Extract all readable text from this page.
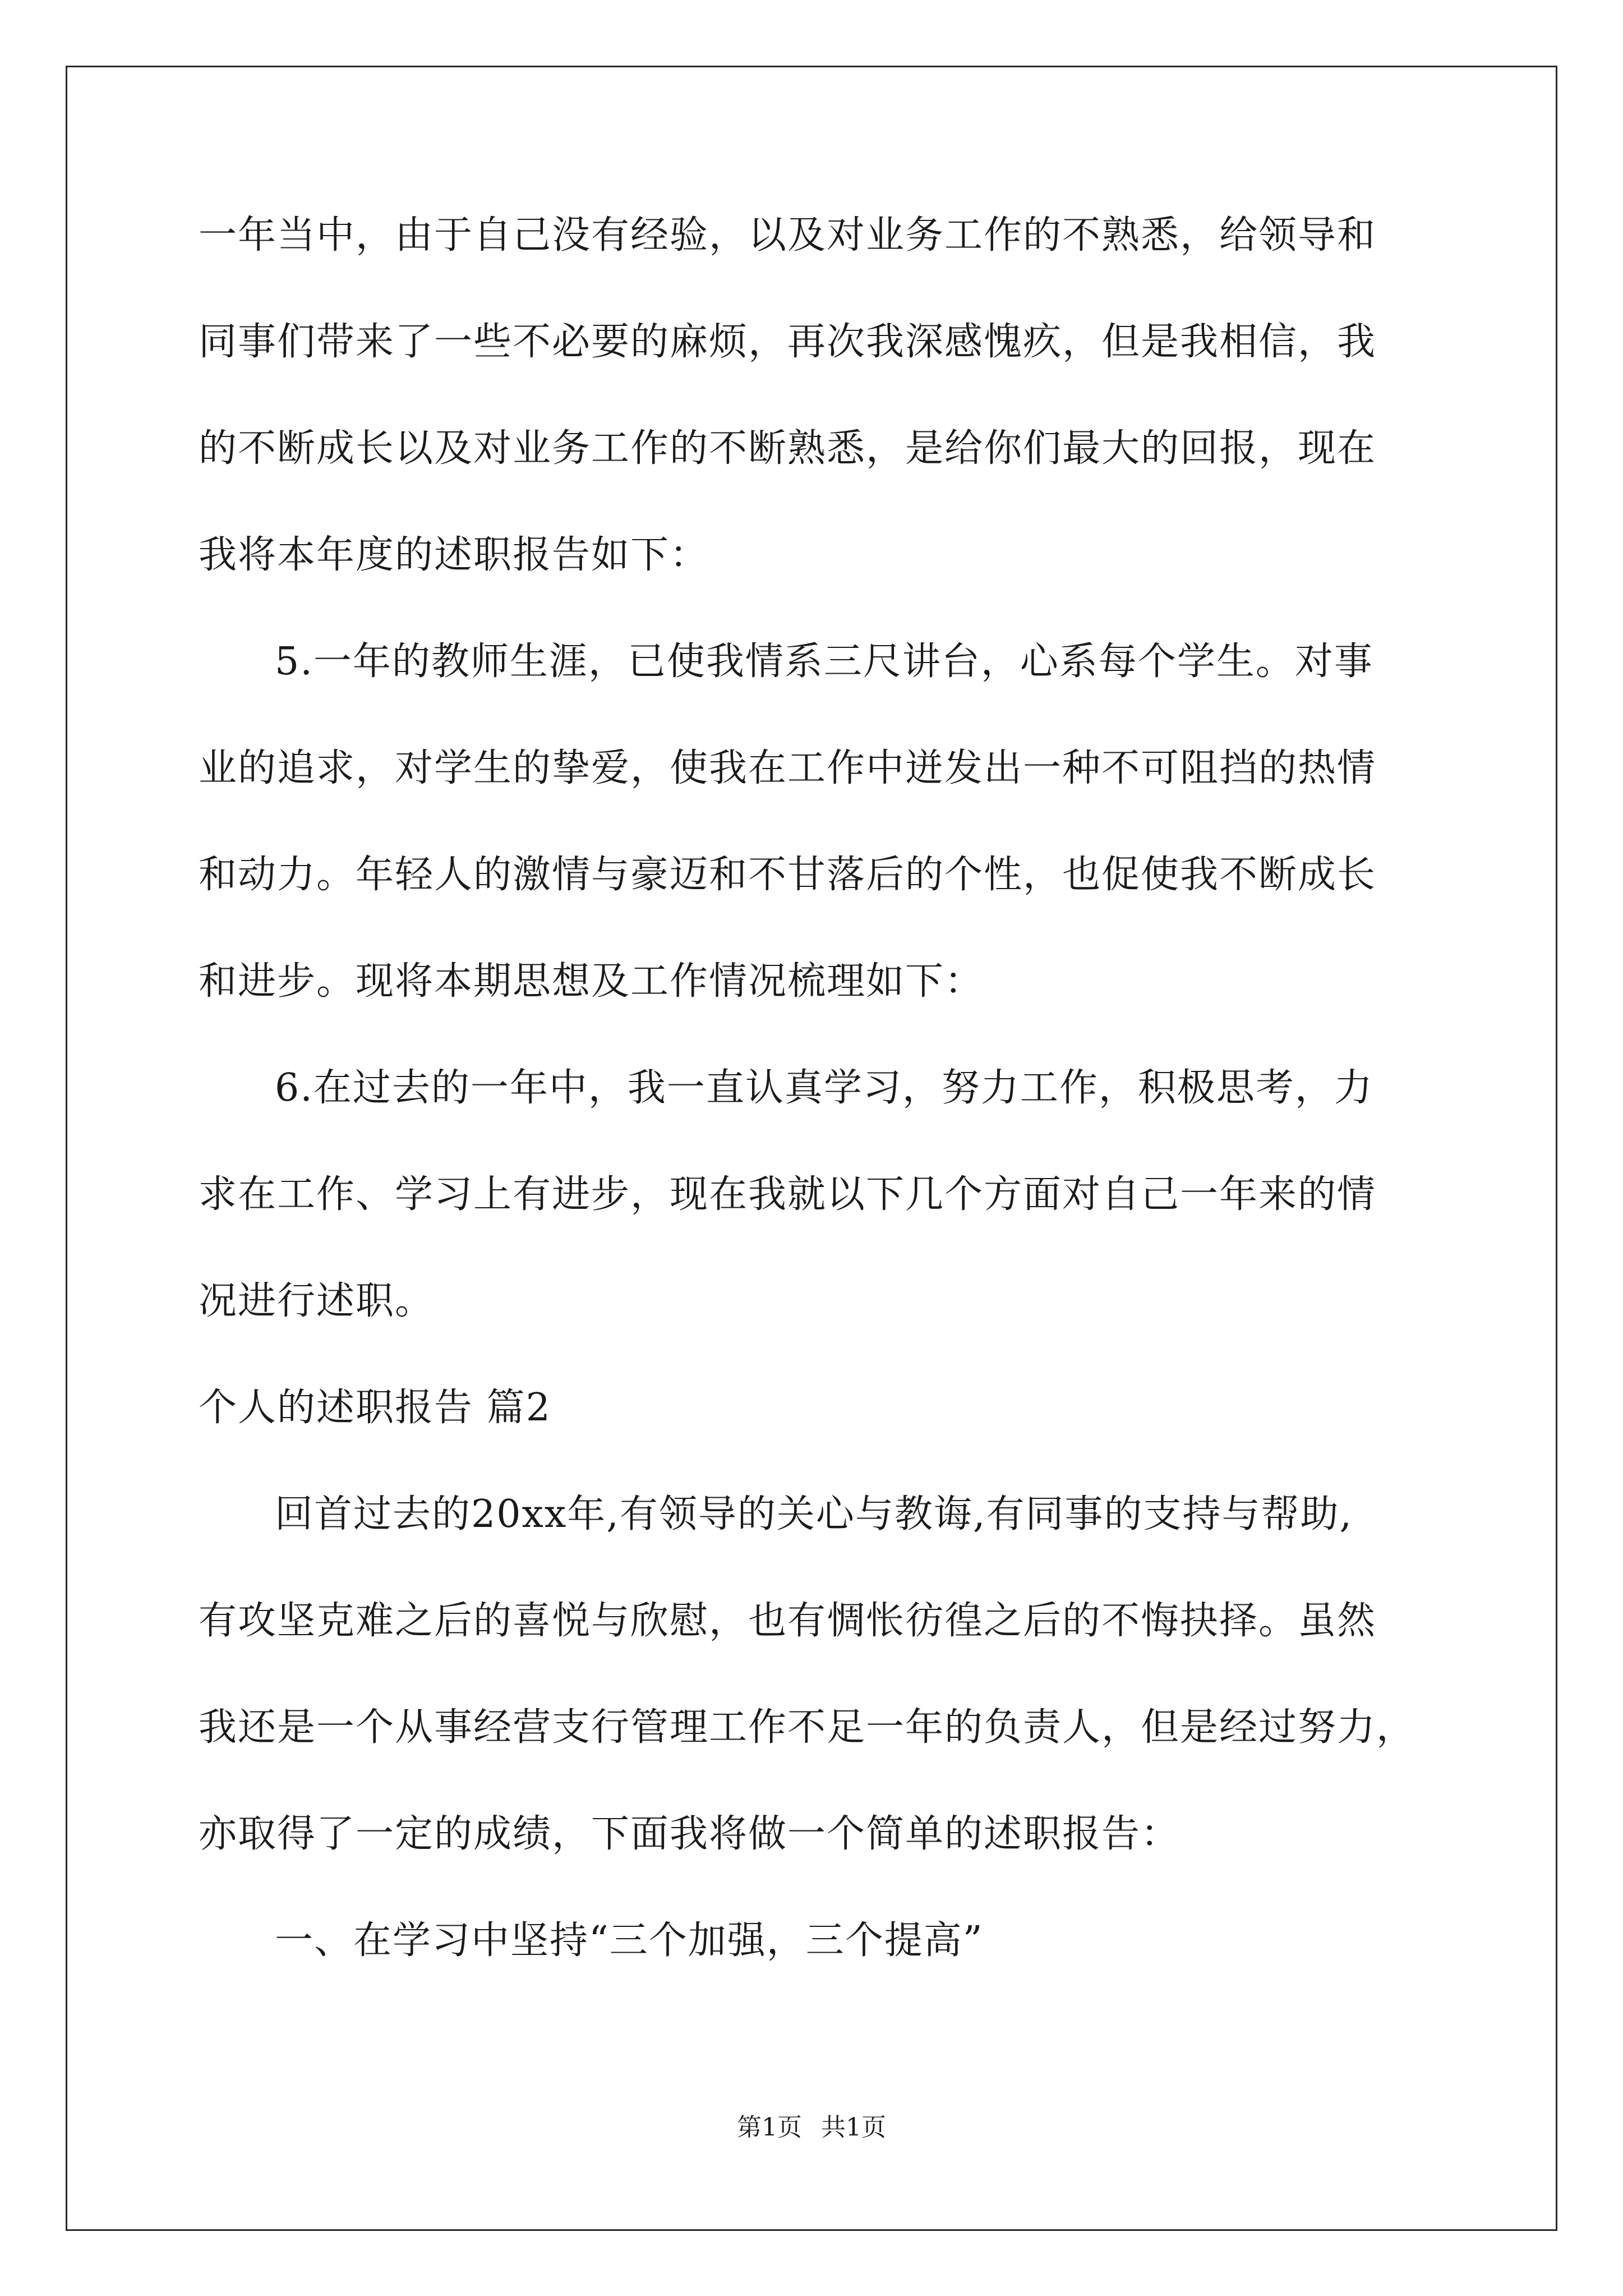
一年当中，由于自己没有经验，以及对业务工作的不熟悉，给领导和
同事们带来了一些不必要的麻烦，再次我深感愧疚，但是我相信，我
的不断成长以及对业务工作的不断熟悉，是给你们最大的回报，现在
我将本年度的述职报告如下：
5.一年的教师生涯，已使我情系三尺讲台，心系每个学生。对事
业的追求，对学生的挚爱，使我在工作中迸发出一种不可阻挡的热情
和动力。年轻人的激情与豪迈和不甘落后的个性，也促使我不断成长
和进步。现将本期思想及工作情况梳理如下：
6.在过去的一年中，我一直认真学习，努力工作，积极思考，力
求在工作、学习上有进步，现在我就以下几个方面对自己一年来的情
况进行述职。
个人的述职报告 篇2
回首过去的20xx年,有领导的关心与教诲,有同事的支持与帮助,
有攻坚克难之后的喜悦与欣慰，也有惆怅彷徨之后的不悔抉择。虽然
我还是一个从事经营支行管理工作不足一年的负责人，但是经过努力，
亦取得了一定的成绩，下面我将做一个简单的述职报告：
一、在学习中坚持“三个加强，三个提高”
第1页 共1页
